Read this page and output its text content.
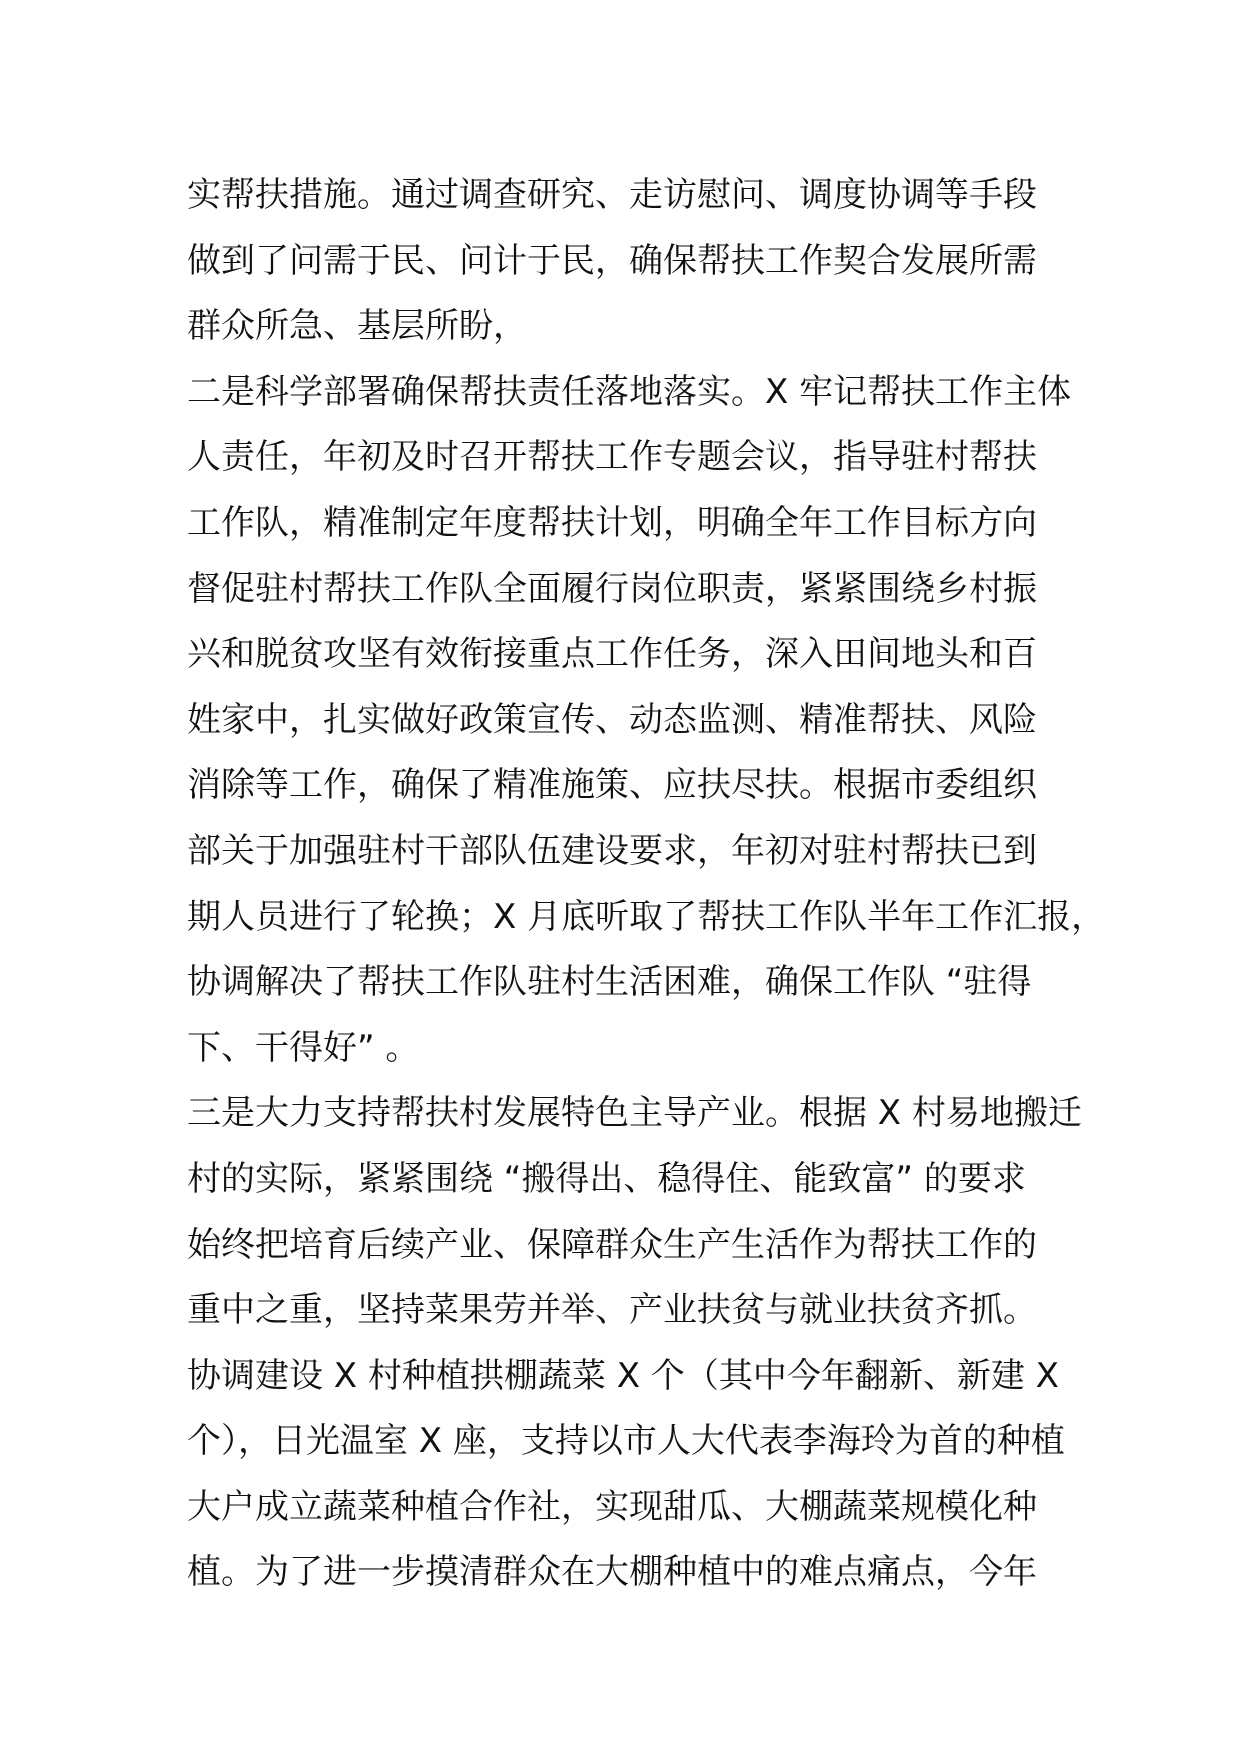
实帮扶措施。通过调查研究、走访慰问、调度协调等手段
做到了问需于民、问计于民，确保帮扶工作契合发展所需
群众所急、基层所盼，
二是科学部署确保帮扶责任落地落实。X 牢记帮扶工作主体
人责任，年初及时召开帮扶工作专题会议，指导驻村帮扶
工作队，精准制定年度帮扶计划，明确全年工作目标方向
督促驻村帮扶工作队全面履行岗位职责，紧紧围绕乡村振
兴和脱贫攻坚有效衔接重点工作任务，深入田间地头和百
姓家中，扎实做好政策宣传、动态监测、精准帮扶、风险
消除等工作，确保了精准施策、应扶尽扶。根据市委组织
部关于加强驻村干部队伍建设要求，年初对驻村帮扶已到
期人员进行了轮换；X 月底听取了帮扶工作队半年工作汇报，
协调解决了帮扶工作队驻村生活困难，确保工作队 “驻得
下、干得好” 。
三是大力支持帮扶村发展特色主导产业。根据 X 村易地搬迁
村的实际，紧紧围绕 “搬得出、稳得住、能致富” 的要求
始终把培育后续产业、保障群众生产生活作为帮扶工作的
重中之重，坚持菜果劳并举、产业扶贫与就业扶贫齐抓。
协调建设 X 村种植拱棚蔬菜 X 个（其中今年翻新、新建 X
个），日光温室 X 座，支持以市人大代表李海玲为首的种植
大户成立蔬菜种植合作社，实现甜瓜、大棚蔬菜规模化种
植。为了进一步摸清群众在大棚种植中的难点痛点，今年
